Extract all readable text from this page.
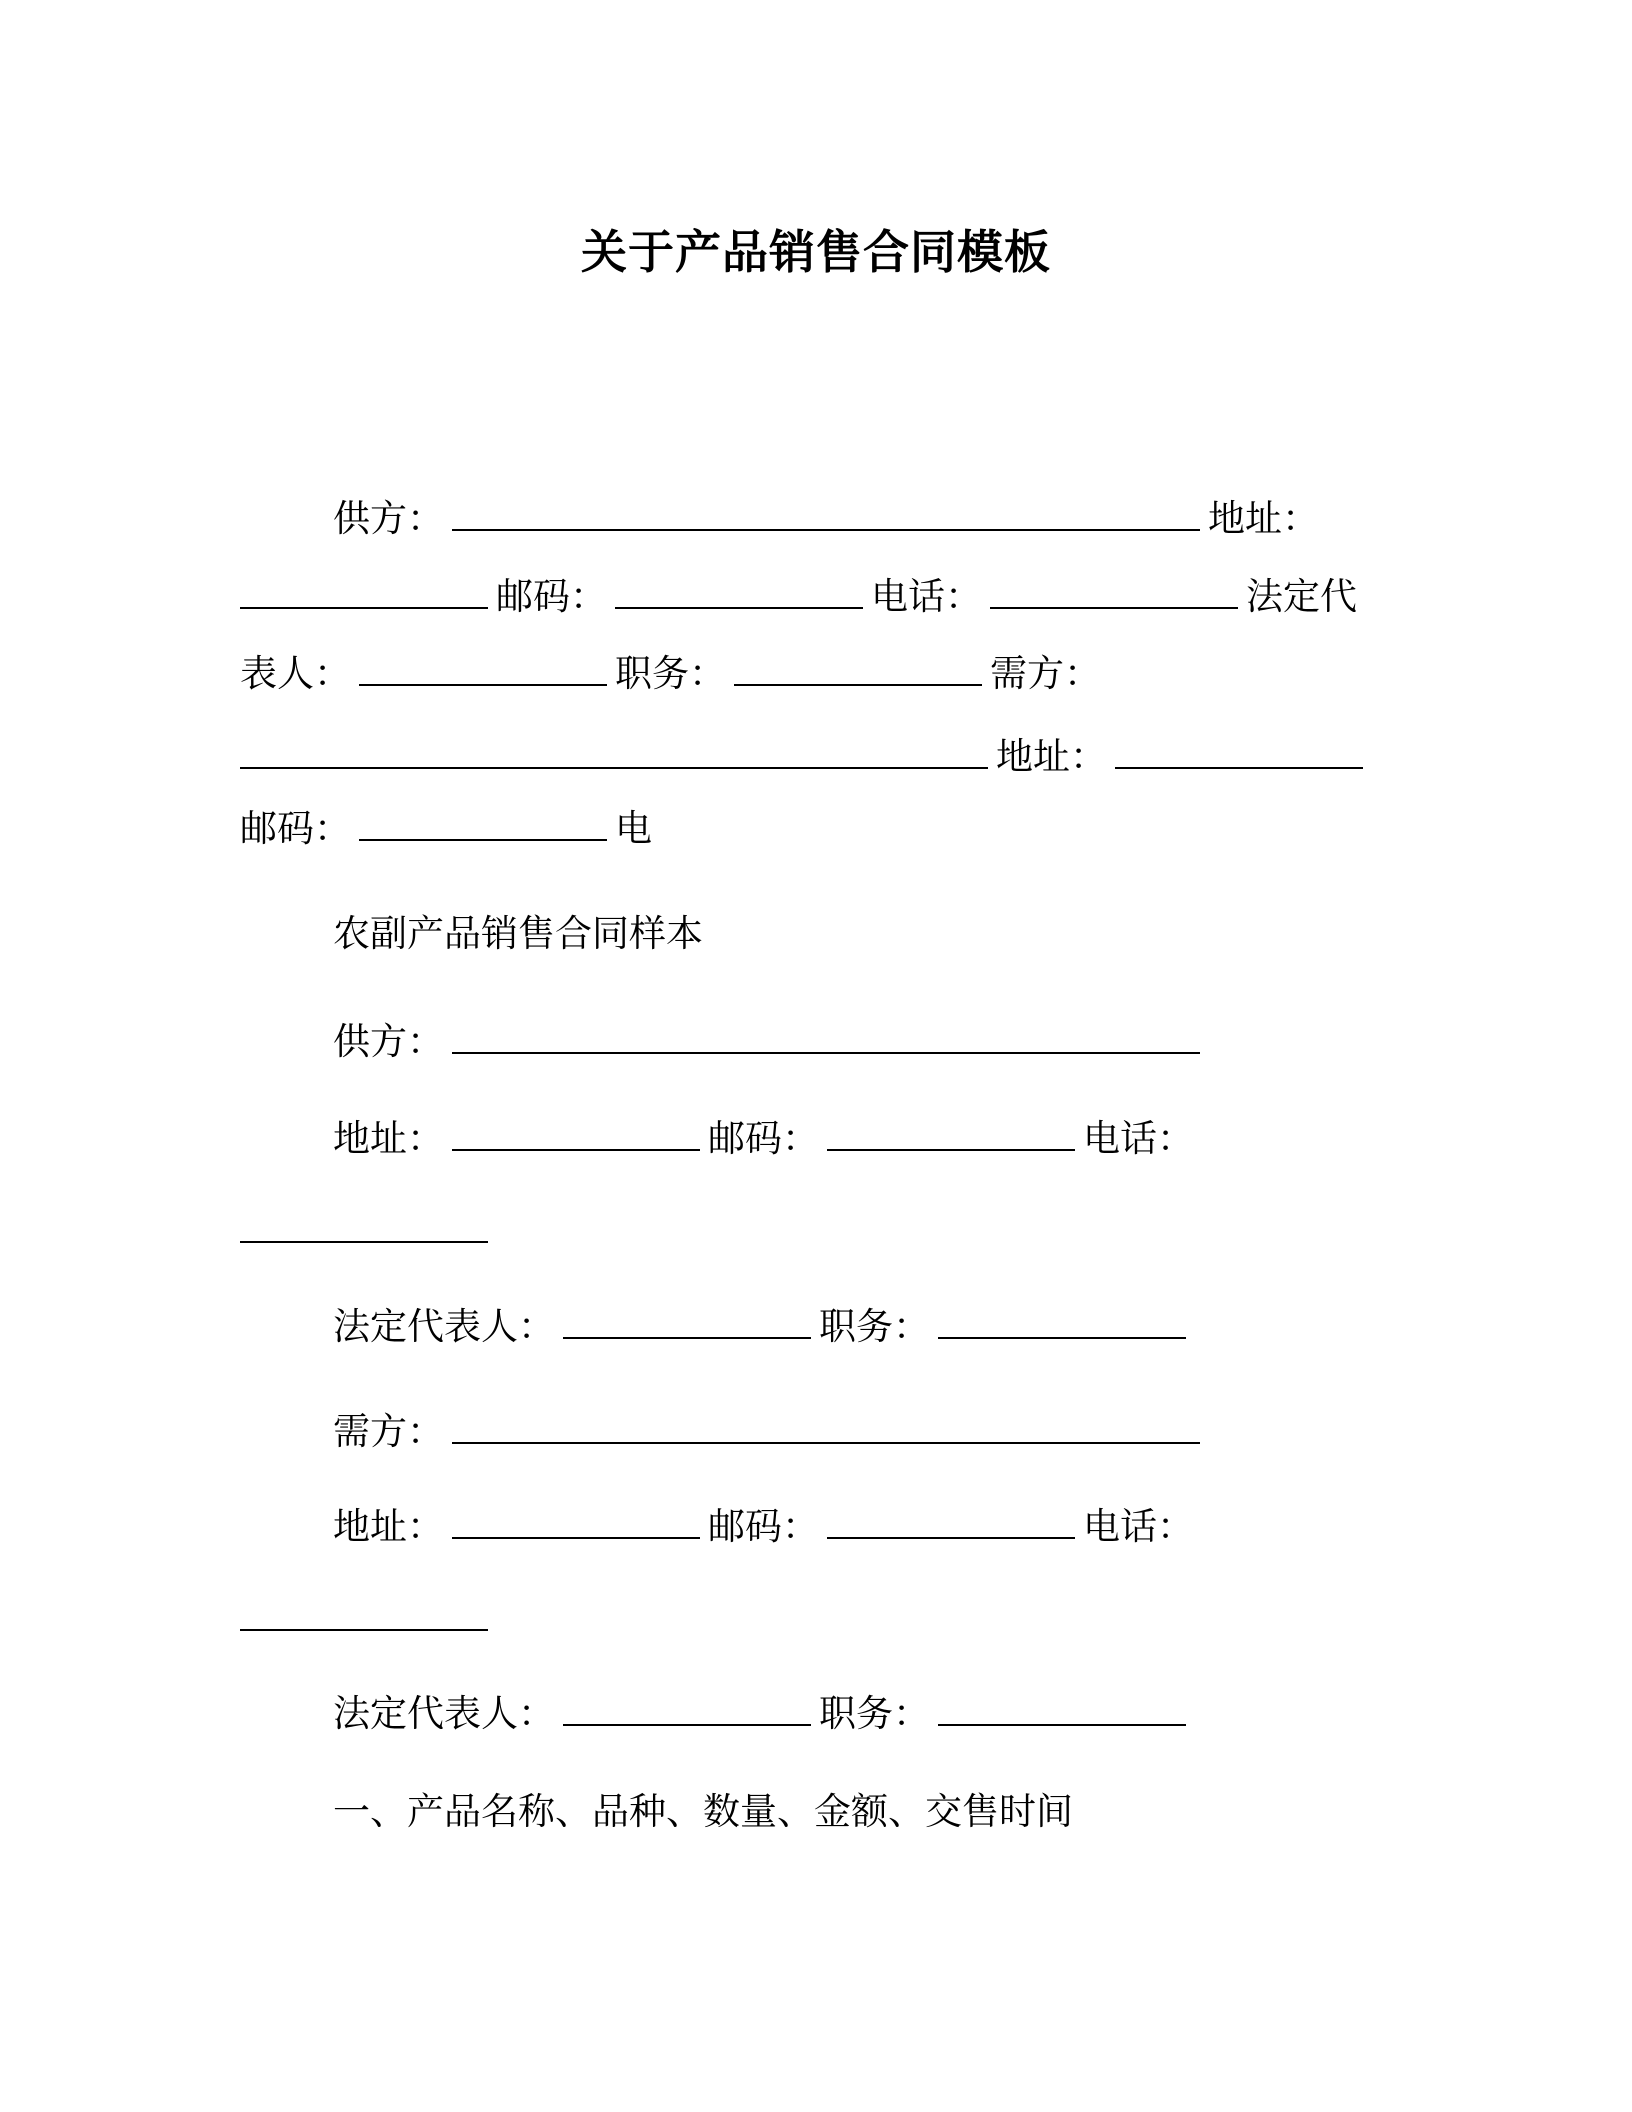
关于产品销售合同模板
供方：	地址：
邮码：	电话：	法定代
表人：	职务：	需方：
地址：
邮码：	电
农副产品销售合同样本
供方：
地址：	邮码：	电话：
法定代表人：	职务：
需方：
地址：	邮码：	电话：
法定代表人：	职务：
一、产品名称、品种、数量、金额、交售时间
